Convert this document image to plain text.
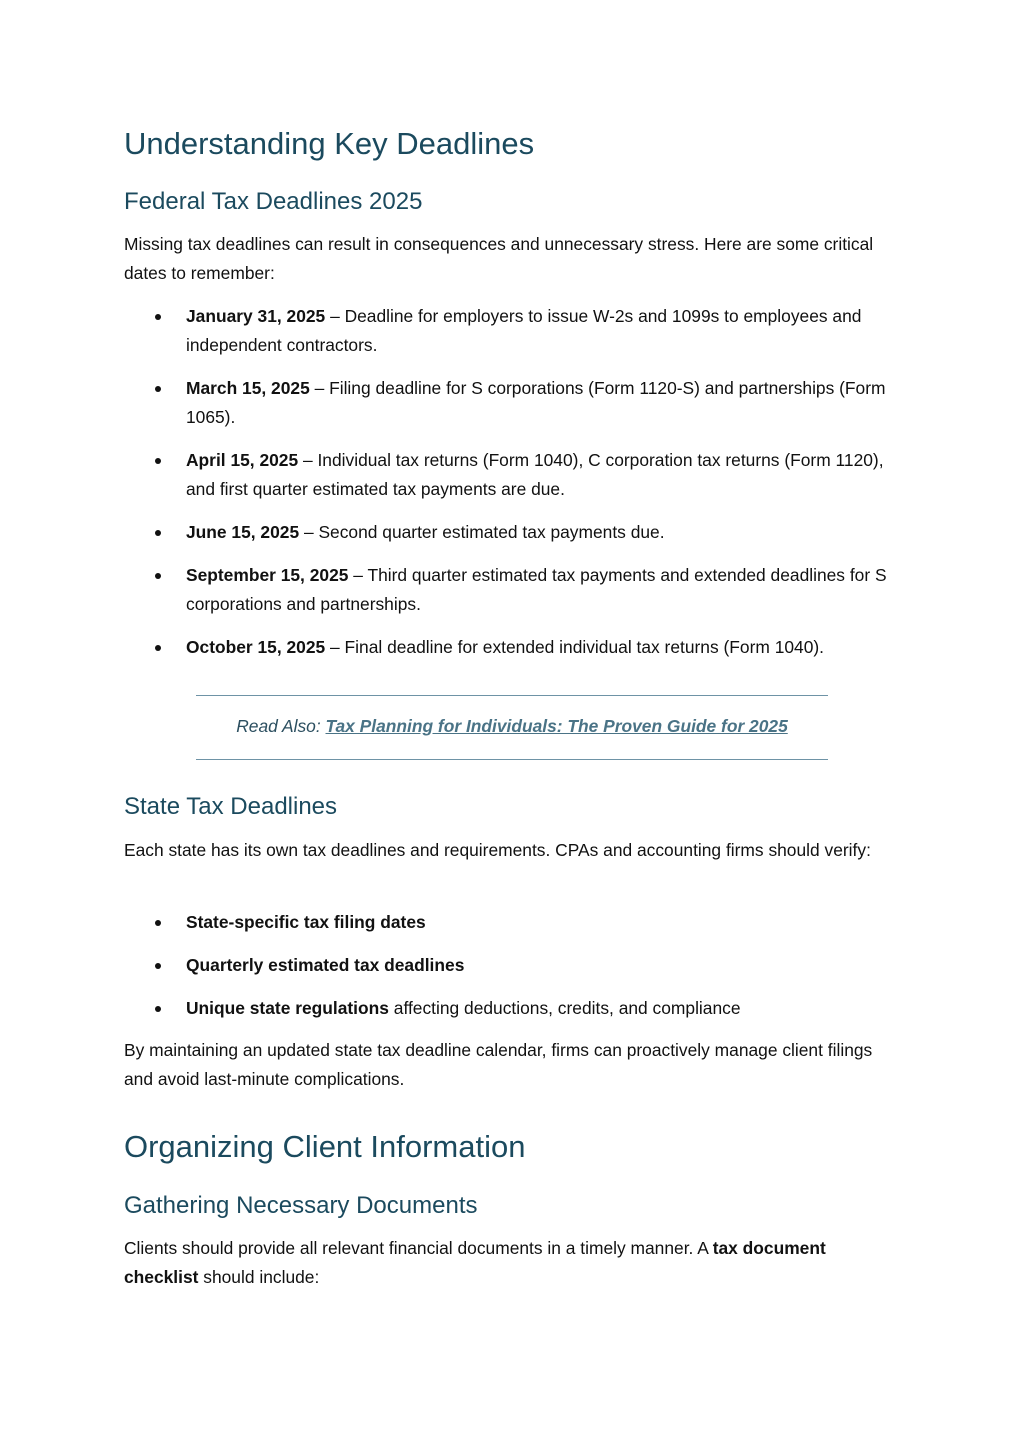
Understanding Key Deadlines
Federal Tax Deadlines 2025

Missing tax deadlines can result in consequences and unnecessary stress. Here are some critical dates to remember:

January 31, 2025 – Deadline for employers to issue W-2s and 1099s to employees and independent contractors.
March 15, 2025 – Filing deadline for S corporations (Form 1120-S) and partnerships (Form 1065).
April 15, 2025 – Individual tax returns (Form 1040), C corporation tax returns (Form 1120), and first quarter estimated tax payments are due.
June 15, 2025 – Second quarter estimated tax payments due.
September 15, 2025 – Third quarter estimated tax payments and extended deadlines for S corporations and partnerships.
October 15, 2025 – Final deadline for extended individual tax returns (Form 1040).
Read Also: Tax Planning for Individuals: The Proven Guide for 2025
State Tax Deadlines

Each state has its own tax deadlines and requirements. CPAs and accounting firms should verify:

State-specific tax filing dates
Quarterly estimated tax deadlines
Unique state regulations affecting deductions, credits, and compliance

By maintaining an updated state tax deadline calendar, firms can proactively manage client filings and avoid last-minute complications.

Organizing Client Information
Gathering Necessary Documents

Clients should provide all relevant financial documents in a timely manner. A tax document checklist should include:
